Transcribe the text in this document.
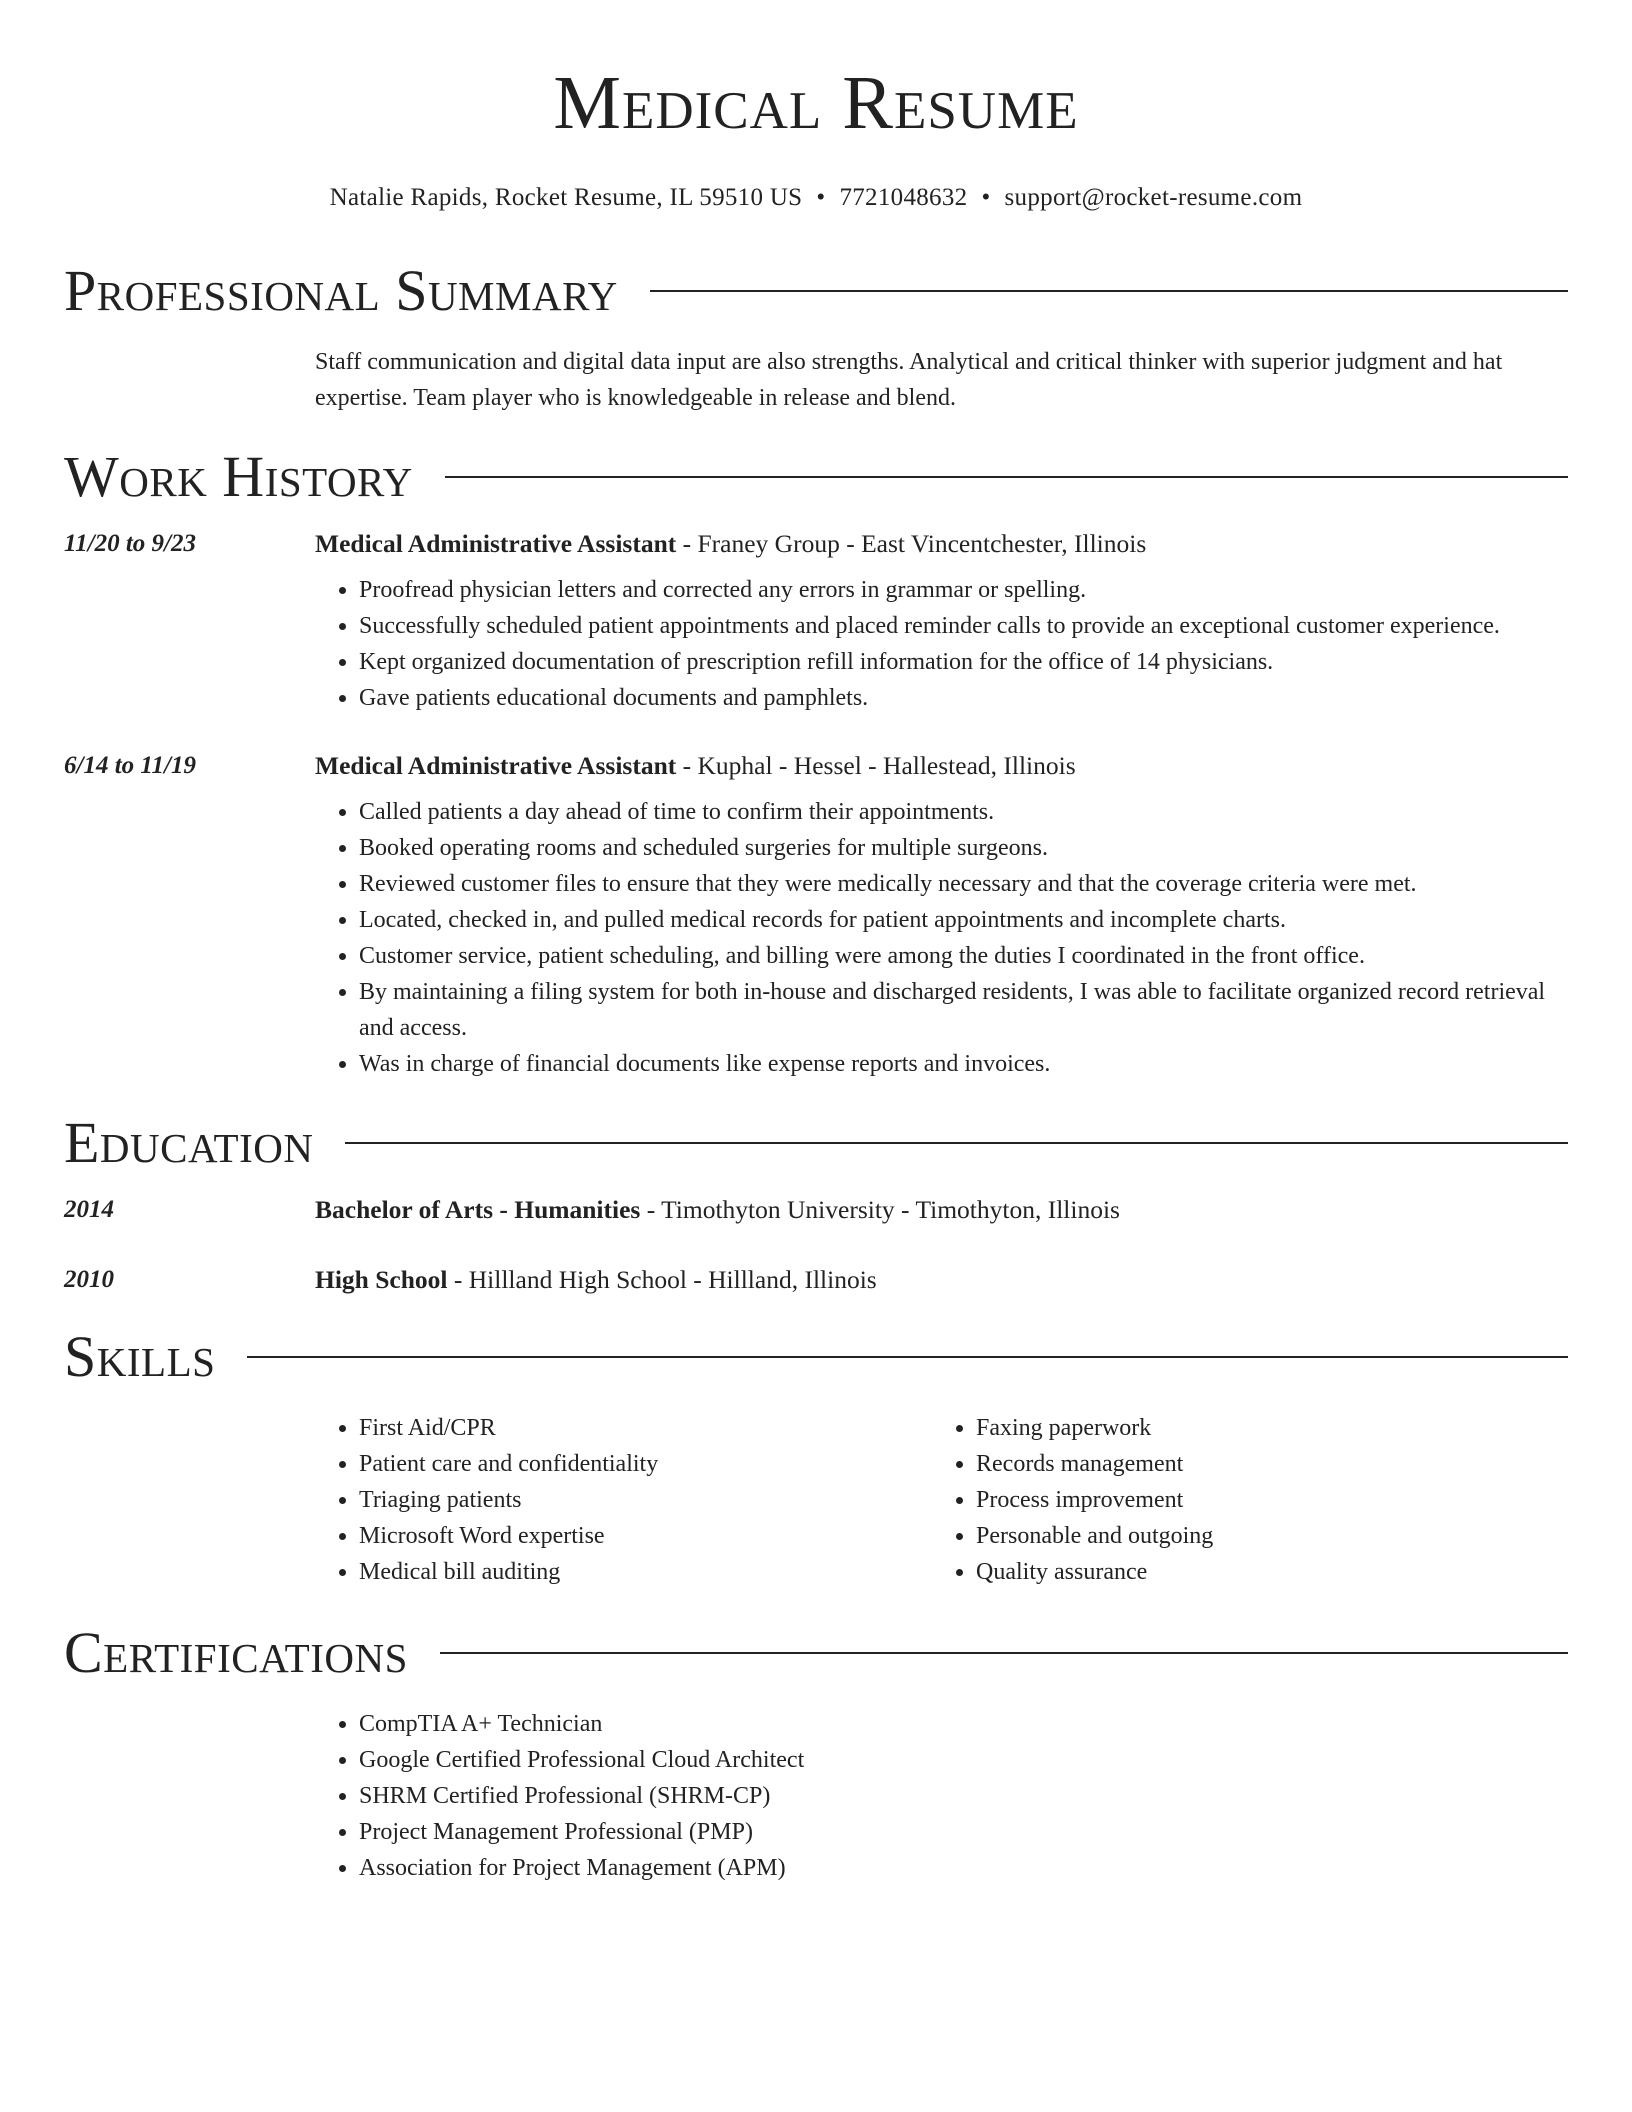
Medical Resume
Natalie Rapids, Rocket Resume, IL 59510 US • 7721048632 • support@rocket-resume.com
Professional Summary
Staff communication and digital data input are also strengths. Analytical and critical thinker with superior judgment and hat expertise. Team player who is knowledgeable in release and blend.
Work History
11/20 to 9/23	Medical Administrative Assistant - Franey Group - East Vincentchester, Illinois
• Proofread physician letters and corrected any errors in grammar or spelling.
• Successfully scheduled patient appointments and placed reminder calls to provide an exceptional customer experience.
• Kept organized documentation of prescription refill information for the office of 14 physicians.
• Gave patients educational documents and pamphlets.
6/14 to 11/19	Medical Administrative Assistant - Kuphal - Hessel - Hallestead, Illinois
• Called patients a day ahead of time to confirm their appointments.
• Booked operating rooms and scheduled surgeries for multiple surgeons.
• Reviewed customer files to ensure that they were medically necessary and that the coverage criteria were met.
• Located, checked in, and pulled medical records for patient appointments and incomplete charts.
• Customer service, patient scheduling, and billing were among the duties I coordinated in the front office.
• By maintaining a filing system for both in-house and discharged residents, I was able to facilitate organized record retrieval and access.
• Was in charge of financial documents like expense reports and invoices.
Education
2014	Bachelor of Arts - Humanities - Timothyton University - Timothyton, Illinois
2010	High School - Hillland High School - Hillland, Illinois
Skills
• First Aid/CPR
• Patient care and confidentiality
• Triaging patients
• Microsoft Word expertise
• Medical bill auditing
• Faxing paperwork
• Records management
• Process improvement
• Personable and outgoing
• Quality assurance
Certifications
• CompTIA A+ Technician
• Google Certified Professional Cloud Architect
• SHRM Certified Professional (SHRM-CP)
• Project Management Professional (PMP)
• Association for Project Management (APM)
